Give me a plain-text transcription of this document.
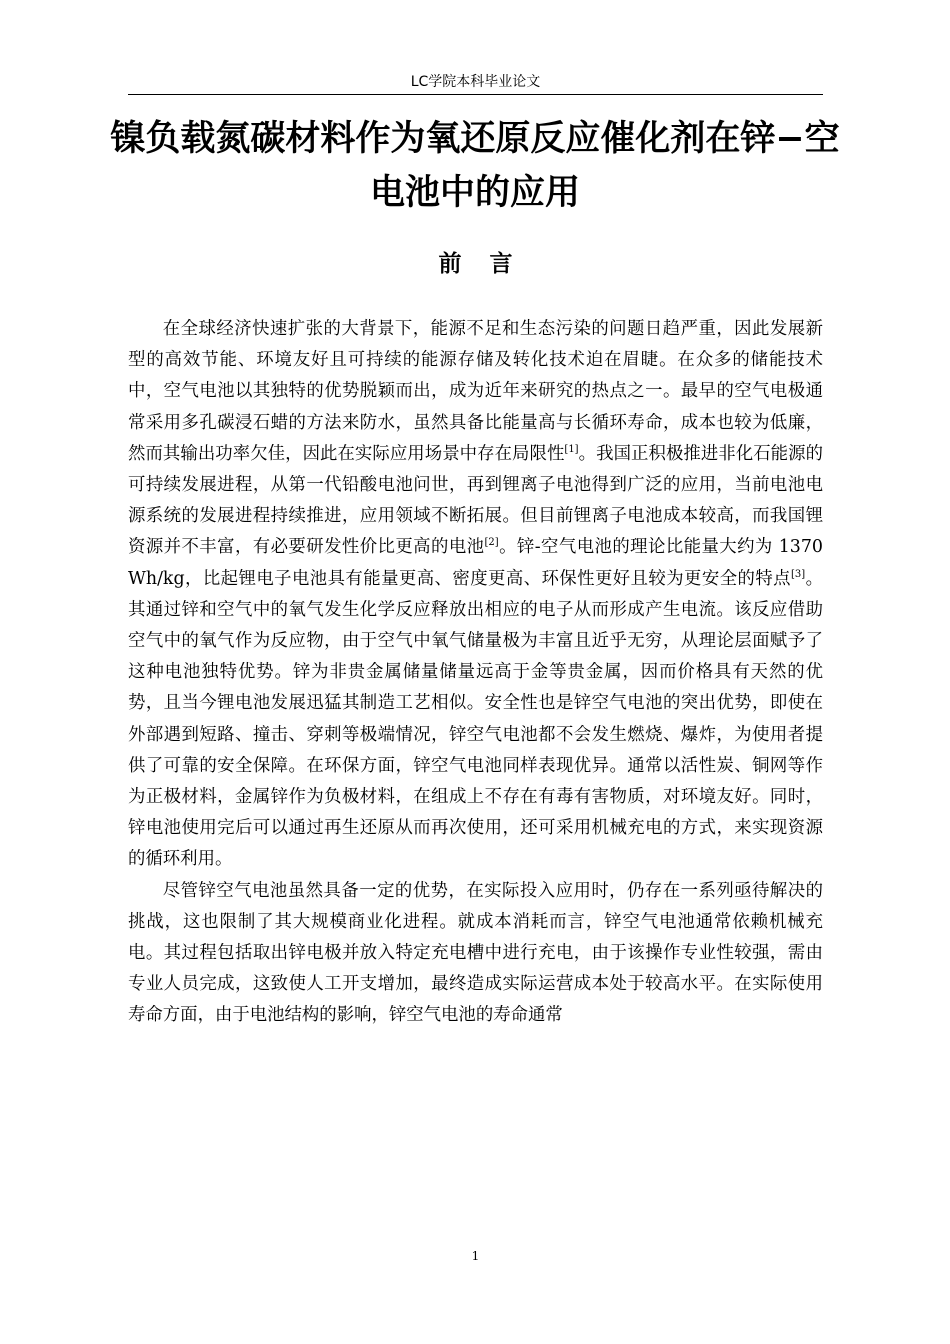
LC学院本科毕业论文
镍负载氮碳材料作为氧还原反应催化剂在锌−空电池中的应用
前言

在全球经济快速扩张的大背景下，能源不足和生态污染的问题日趋严重，因此发展新型的高效节能、环境友好且可持续的能源存储及转化技术迫在眉睫。在众多的储能技术中，空气电池以其独特的优势脱颖而出，成为近年来研究的热点之一。最早的空气电极通常采用多孔碳浸石蜡的方法来防水，虽然具备比能量高与长循环寿命，成本也较为低廉，然而其输出功率欠佳，因此在实际应用场景中存在局限性[1]。我国正积极推进非化石能源的可持续发展进程，从第一代铅酸电池问世，再到锂离子电池得到广泛的应用，当前电池电源系统的发展进程持续推进，应用领域不断拓展。但目前锂离子电池成本较高，而我国锂资源并不丰富，有必要研发性价比更高的电池[2]。锌-空气电池的理论比能量大约为 1370 Wh/kg，比起锂电子电池具有能量更高、密度更高、环保性更好且较为更安全的特点[3]。其通过锌和空气中的氧气发生化学反应释放出相应的电子从而形成产生电流。该反应借助空气中的氧气作为反应物，由于空气中氧气储量极为丰富且近乎无穷，从理论层面赋予了这种电池独特优势。锌为非贵金属储量储量远高于金等贵金属，因而价格具有天然的优势，且当今锂电池发展迅猛其制造工艺相似。安全性也是锌空气电池的突出优势，即使在外部遇到短路、撞击、穿刺等极端情况，锌空气电池都不会发生燃烧、爆炸，为使用者提供了可靠的安全保障。在环保方面，锌空气电池同样表现优异。通常以活性炭、铜网等作为正极材料，金属锌作为负极材料，在组成上不存在有毒有害物质，对环境友好。同时，锌电池使用完后可以通过再生还原从而再次使用，还可采用机械充电的方式，来实现资源的循环利用。

尽管锌空气电池虽然具备一定的优势，在实际投入应用时，仍存在一系列亟待解决的挑战，这也限制了其大规模商业化进程。就成本消耗而言，锌空气电池通常依赖机械充电。其过程包括取出锌电极并放入特定充电槽中进行充电，由于该操作专业性较强，需由专业人员完成，这致使人工开支增加，最终造成实际运营成本处于较高水平。在实际使用寿命方面，由于电池结构的影响，锌空气电池的寿命通常

1
